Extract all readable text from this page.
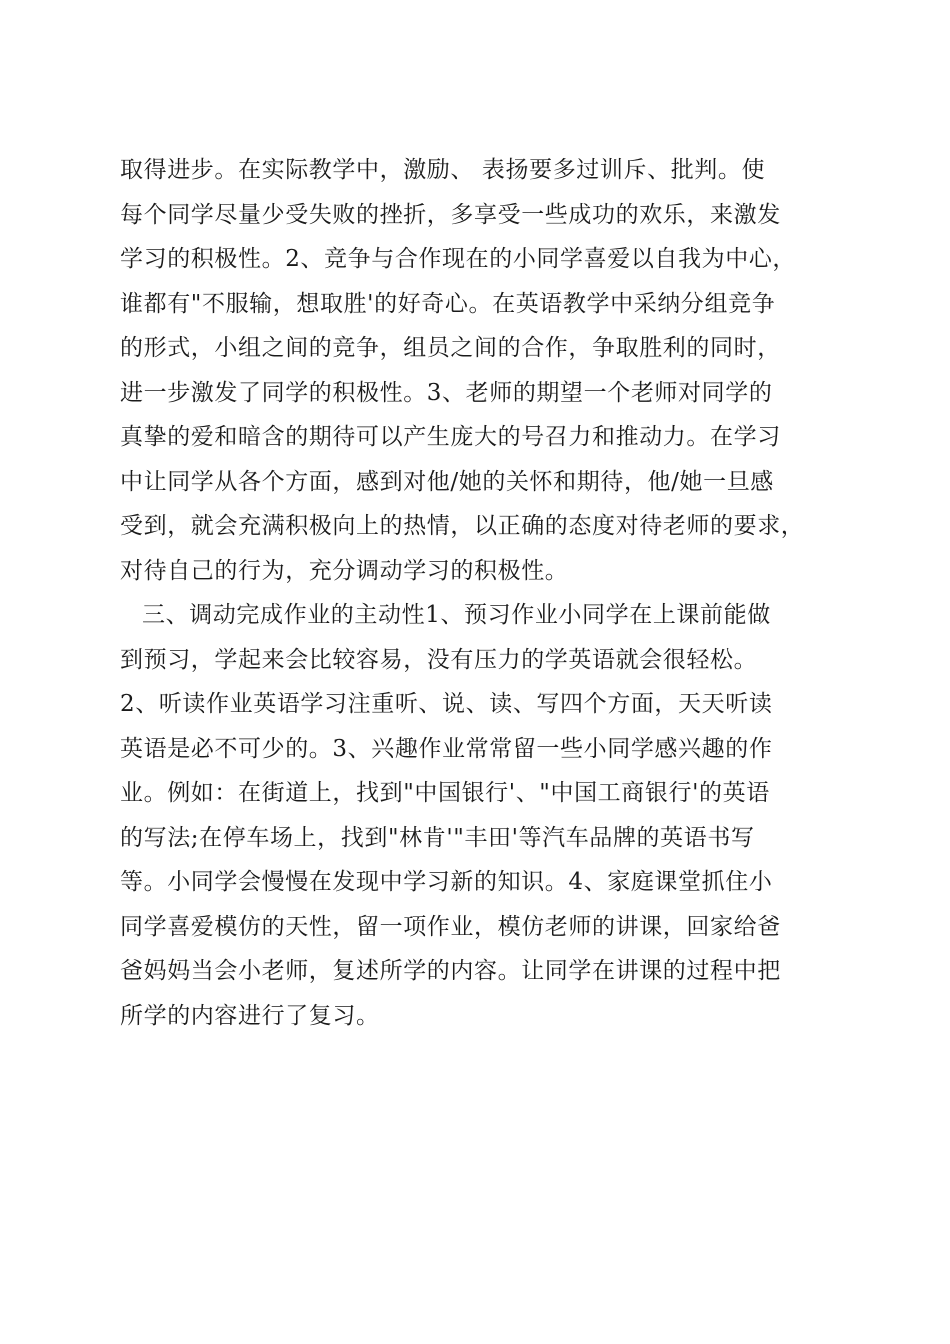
取得进步。在实际教学中，激励、 表扬要多过训斥、批判。使
每个同学尽量少受失败的挫折，多享受一些成功的欢乐，来激发
学习的积极性。2、竞争与合作现在的小同学喜爱以自我为中心，
谁都有"不服输，想取胜'的好奇心。在英语教学中采纳分组竞争
的形式，小组之间的竞争，组员之间的合作，争取胜利的同时，
进一步激发了同学的积极性。3、老师的期望一个老师对同学的
真挚的爱和暗含的期待可以产生庞大的号召力和推动力。在学习
中让同学从各个方面，感到对他/她的关怀和期待，他/她一旦感
受到，就会充满积极向上的热情，以正确的态度对待老师的要求，
对待自己的行为，充分调动学习的积极性。
三、调动完成作业的主动性1、预习作业小同学在上课前能做
到预习，学起来会比较容易，没有压力的学英语就会很轻松。
2、听读作业英语学习注重听、说、读、写四个方面，天天听读
英语是必不可少的。3、兴趣作业常常留一些小同学感兴趣的作
业。例如：在街道上，找到"中国银行'、"中国工商银行'的英语
的写法;在停车场上，找到"林肯'"丰田'等汽车品牌的英语书写
等。小同学会慢慢在发现中学习新的知识。4、家庭课堂抓住小
同学喜爱模仿的天性，留一项作业，模仿老师的讲课，回家给爸
爸妈妈当会小老师，复述所学的内容。让同学在讲课的过程中把
所学的内容进行了复习。
